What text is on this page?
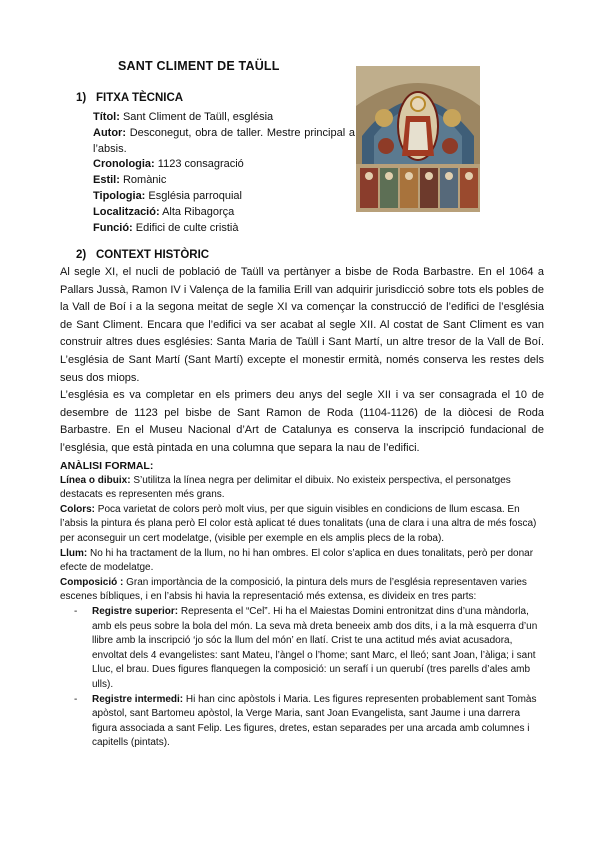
SANT CLIMENT DE TAÜLL
1) FITXA TÈCNICA

Títol: Sant Climent de Taüll, església

Autor: Desconegut, obra de taller. Mestre principal a l’absis.

Cronologia: 1123 consagració

Estil: Romànic

Tipologia: Església parroquial

Localització: Alta Ribagorça

Funció: Edifici de culte cristià

2) CONTEXT HISTÒRIC

Al segle XI, el nucli de població de Taüll va pertànyer a bisbe de Roda Barbastre. En el 1064 a Pallars Jussà, Ramon IV i Valença de la familia Erill van adquirir jurisdicció sobre tots els pobles de la Vall de Boí i a la segona meitat de segle XI va començar la construcció de l’edifici de l’església de Sant Climent. Encara que l’edifici va ser acabat al segle XII. Al costat de Sant Climent es van construir altres dues esglésies: Santa Maria de Taüll i Sant Martí, un altre tresor de la Vall de Boí. L’església de Sant Martí (Sant Martí) excepte el monestir ermità, només conserva les restes dels seus dos miops.

L’església es va completar en els primers deu anys del segle XII i va ser consagrada el 10 de desembre de 1123 pel bisbe de Sant Ramon de Roda (1104-1126) de la diòcesi de Roda Barbastre. En el Museu Nacional d’Art de Catalunya es conserva la inscripció fundacional de l’església, que està pintada en una columna que separa la nau de l’edifici.

ANÀLISI FORMAL:

Línea o dibuix: S’utilitza la línea negra per delimitar el dibuix. No existeix perspectiva, el personatges destacats es representen més grans.

Colors: Poca varietat de colors però molt vius, per que siguin visibles en condicions de llum escasa. En l’absis la pintura és plana però El color està aplicat té dues tonalitats (una de clara i una altra de més fosca) per aconseguir un cert modelatge, (visible per exemple en els amplis plecs de la roba).

Llum: No hi ha tractament de la llum, no hi han ombres. El color s’aplica en dues tonalitats, però per donar efecte de modelatge.

Composició : Gran importància de la composició, la pintura dels murs de l’església representaven varies escenes bíbliques, i en l’absis hi havia la representació més extensa, es divideix en tres parts:

- Registre superior: Representa el “Cel”. Hi ha el Maiestas Domini entronitzat dins d’una màndorla, amb els peus sobre la bola del món. La seva mà dreta beneeix amb dos dits, i a la mà esquerra d’un llibre amb la inscripció ‘jo sóc la llum del món’ en llatí. Crist te una actitud més aviat acusadora, envoltat dels 4 evangelistes: sant Mateu, l’àngel o l’home; sant Marc, el lleó; sant Joan, l’àliga; i sant Lluc, el brau. Dues figures flanquegen la composició: un serafí i un querubí (tres parells d’ales amb ulls).

- Registre intermedi: Hi han cinc apòstols i Maria. Les figures representen probablement sant Tomàs apòstol, sant Bartomeu apòstol, la Verge Maria, sant Joan Evangelista, sant Jaume i una darrera figura associada a sant Felip. Les figures, dretes, estan separades per una arcada amb columnes i capitells (pintats).
